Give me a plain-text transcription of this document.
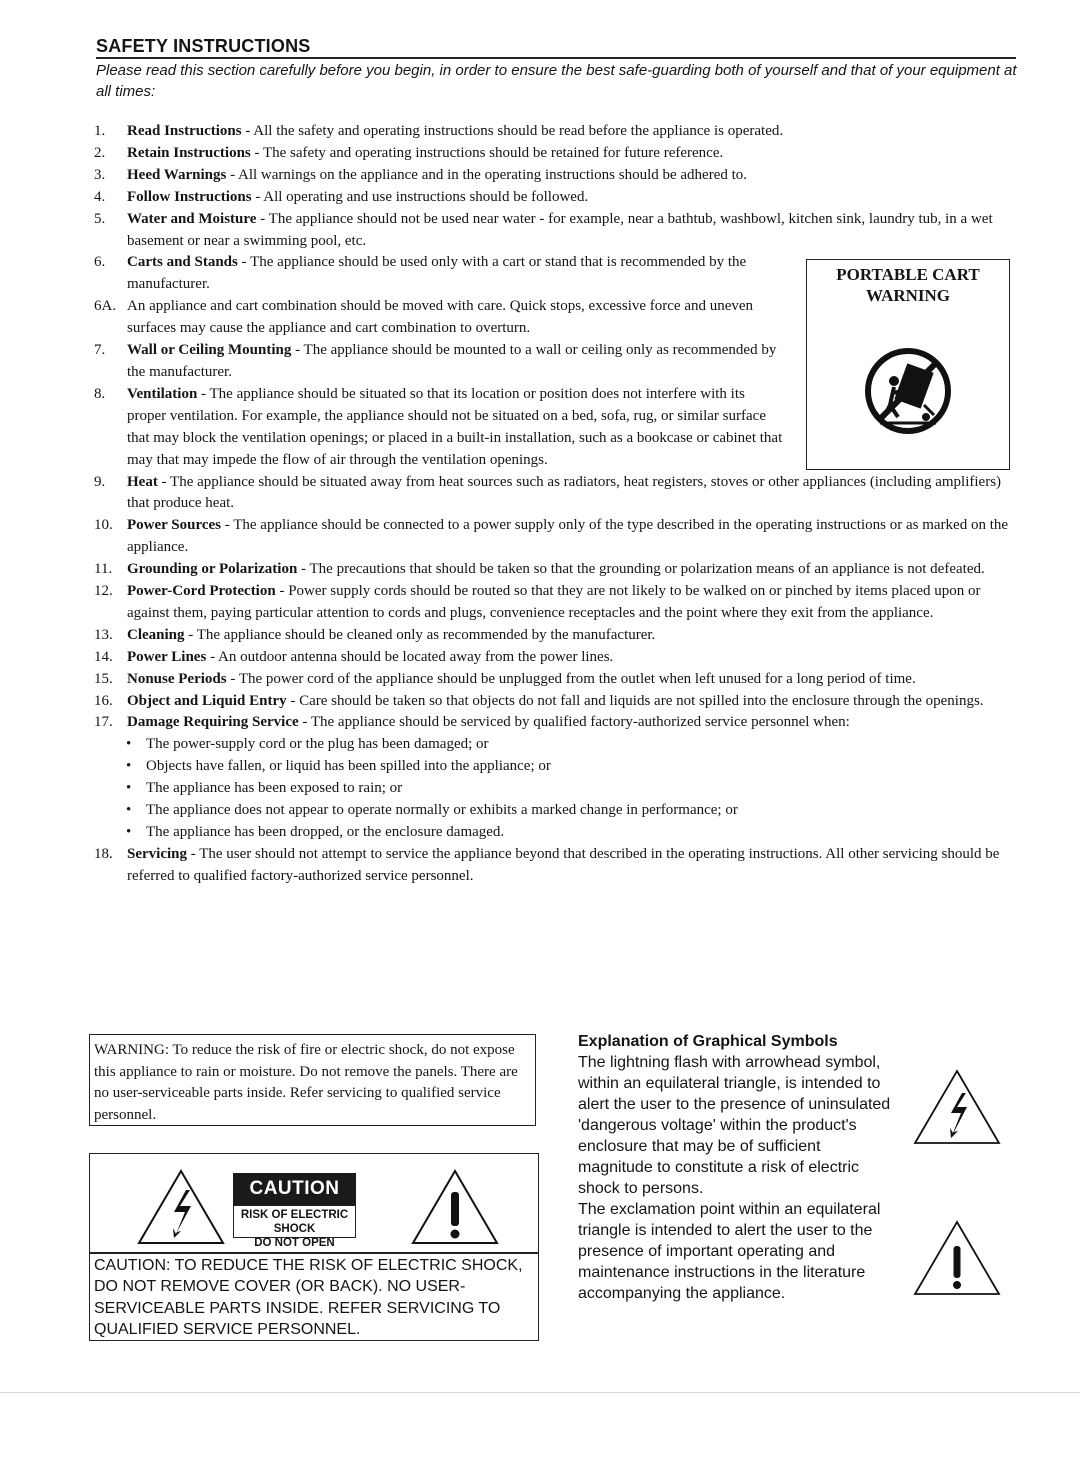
SAFETY INSTRUCTIONS
Please read this section carefully before you begin, in order to ensure the best safe-guarding both of yourself and that of your equipment at all times:
1. Read Instructions - All the safety and operating instructions should be read before the appliance is operated.
2. Retain Instructions - The safety and operating instructions should be retained for future reference.
3. Heed Warnings - All warnings on the appliance and in the operating instructions should be adhered to.
4. Follow Instructions - All operating and use instructions should be followed.
5. Water and Moisture - The appliance should not be used near water - for example, near a bathtub, washbowl, kitchen sink, laundry tub, in a wet basement or near a swimming pool, etc.
6. Carts and Stands - The appliance should be used only with a cart or stand that is recommended by the manufacturer.
6A. An appliance and cart combination should be moved with care. Quick stops, excessive force and uneven surfaces may cause the appliance and cart combination to overturn.
7. Wall or Ceiling Mounting - The appliance should be mounted to a wall or ceiling only as recommended by the manufacturer.
8. Ventilation - The appliance should be situated so that its location or position does not interfere with its proper ventilation. For example, the appliance should not be situated on a bed, sofa, rug, or similar surface that may block the ventilation openings; or placed in a built-in installation, such as a bookcase or cabinet that may that may impede the flow of air through the ventilation openings.
9. Heat - The appliance should be situated away from heat sources such as radiators, heat registers, stoves or other appliances (including amplifiers) that produce heat.
10. Power Sources - The appliance should be connected to a power supply only of the type described in the operating instructions or as marked on the appliance.
11. Grounding or Polarization - The precautions that should be taken so that the grounding or polarization means of an appliance is not defeated.
12. Power-Cord Protection - Power supply cords should be routed so that they are not likely to be walked on or pinched by items placed upon or against them, paying particular attention to cords and plugs, convenience receptacles and the point where they exit from the appliance.
13. Cleaning - The appliance should be cleaned only as recommended by the manufacturer.
14. Power Lines - An outdoor antenna should be located away from the power lines.
15. Nonuse Periods - The power cord of the appliance should be unplugged from the outlet when left unused for a long period of time.
16. Object and Liquid Entry - Care should be taken so that objects do not fall and liquids are not spilled into the enclosure through the openings.
17. Damage Requiring Service - The appliance should be serviced by qualified factory-authorized service personnel when:
• The power-supply cord or the plug has been damaged; or
• Objects have fallen, or liquid has been spilled into the appliance; or
• The appliance has been exposed to rain; or
• The appliance does not appear to operate normally or exhibits a marked change in performance; or
• The appliance has been dropped, or the enclosure damaged.
18. Servicing - The user should not attempt to service the appliance beyond that described in the operating instructions. All other servicing should be referred to qualified factory-authorized service personnel.
PORTABLE CART
WARNING
WARNING: To reduce the risk of fire or electric shock, do not expose this appliance to rain or moisture. Do not remove the panels. There are no user-serviceable parts inside. Refer servicing to qualified service personnel.
CAUTION
RISK OF ELECTRIC SHOCK
DO NOT OPEN
CAUTION: TO REDUCE THE RISK OF ELECTRIC SHOCK, DO NOT REMOVE COVER (OR BACK). NO USER-SERVICEABLE PARTS INSIDE. REFER SERVICING TO QUALIFIED SERVICE PERSONNEL.
Explanation of Graphical Symbols
The lightning flash with arrowhead symbol, within an equilateral triangle, is intended to alert the user to the presence of uninsulated 'dangerous voltage' within the product's enclosure that may be of sufficient magnitude to constitute a risk of electric shock to persons.
The exclamation point within an equilateral triangle is intended to alert the user to the presence of important operating and maintenance instructions in the literature accompanying the appliance.
